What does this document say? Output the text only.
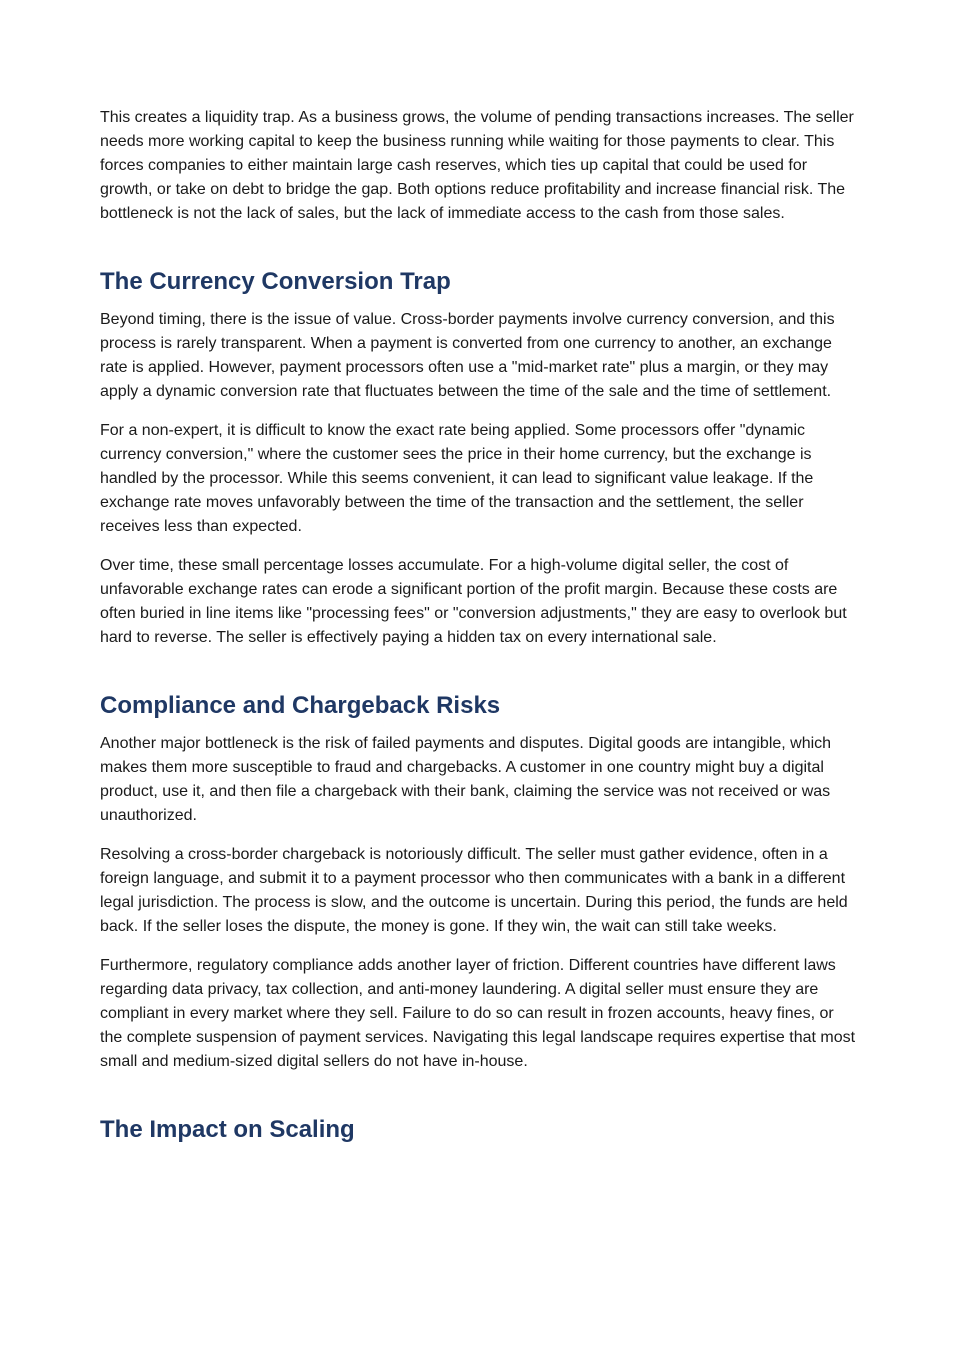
This creates a liquidity trap. As a business grows, the volume of pending transactions increases. The seller needs more working capital to keep the business running while waiting for those payments to clear. This forces companies to either maintain large cash reserves, which ties up capital that could be used for growth, or take on debt to bridge the gap. Both options reduce profitability and increase financial risk. The bottleneck is not the lack of sales, but the lack of immediate access to the cash from those sales.

The Currency Conversion Trap

Beyond timing, there is the issue of value. Cross-border payments involve currency conversion, and this process is rarely transparent. When a payment is converted from one currency to another, an exchange rate is applied. However, payment processors often use a "mid-market rate" plus a margin, or they may apply a dynamic conversion rate that fluctuates between the time of the sale and the time of settlement.

For a non-expert, it is difficult to know the exact rate being applied. Some processors offer "dynamic currency conversion," where the customer sees the price in their home currency, but the exchange is handled by the processor. While this seems convenient, it can lead to significant value leakage. If the exchange rate moves unfavorably between the time of the transaction and the settlement, the seller receives less than expected.

Over time, these small percentage losses accumulate. For a high-volume digital seller, the cost of unfavorable exchange rates can erode a significant portion of the profit margin. Because these costs are often buried in line items like "processing fees" or "conversion adjustments," they are easy to overlook but hard to reverse. The seller is effectively paying a hidden tax on every international sale.

Compliance and Chargeback Risks

Another major bottleneck is the risk of failed payments and disputes. Digital goods are intangible, which makes them more susceptible to fraud and chargebacks. A customer in one country might buy a digital product, use it, and then file a chargeback with their bank, claiming the service was not received or was unauthorized.

Resolving a cross-border chargeback is notoriously difficult. The seller must gather evidence, often in a foreign language, and submit it to a payment processor who then communicates with a bank in a different legal jurisdiction. The process is slow, and the outcome is uncertain. During this period, the funds are held back. If the seller loses the dispute, the money is gone. If they win, the wait can still take weeks.

Furthermore, regulatory compliance adds another layer of friction. Different countries have different laws regarding data privacy, tax collection, and anti-money laundering. A digital seller must ensure they are compliant in every market where they sell. Failure to do so can result in frozen accounts, heavy fines, or the complete suspension of payment services. Navigating this legal landscape requires expertise that most small and medium-sized digital sellers do not have in-house.

The Impact on Scaling
